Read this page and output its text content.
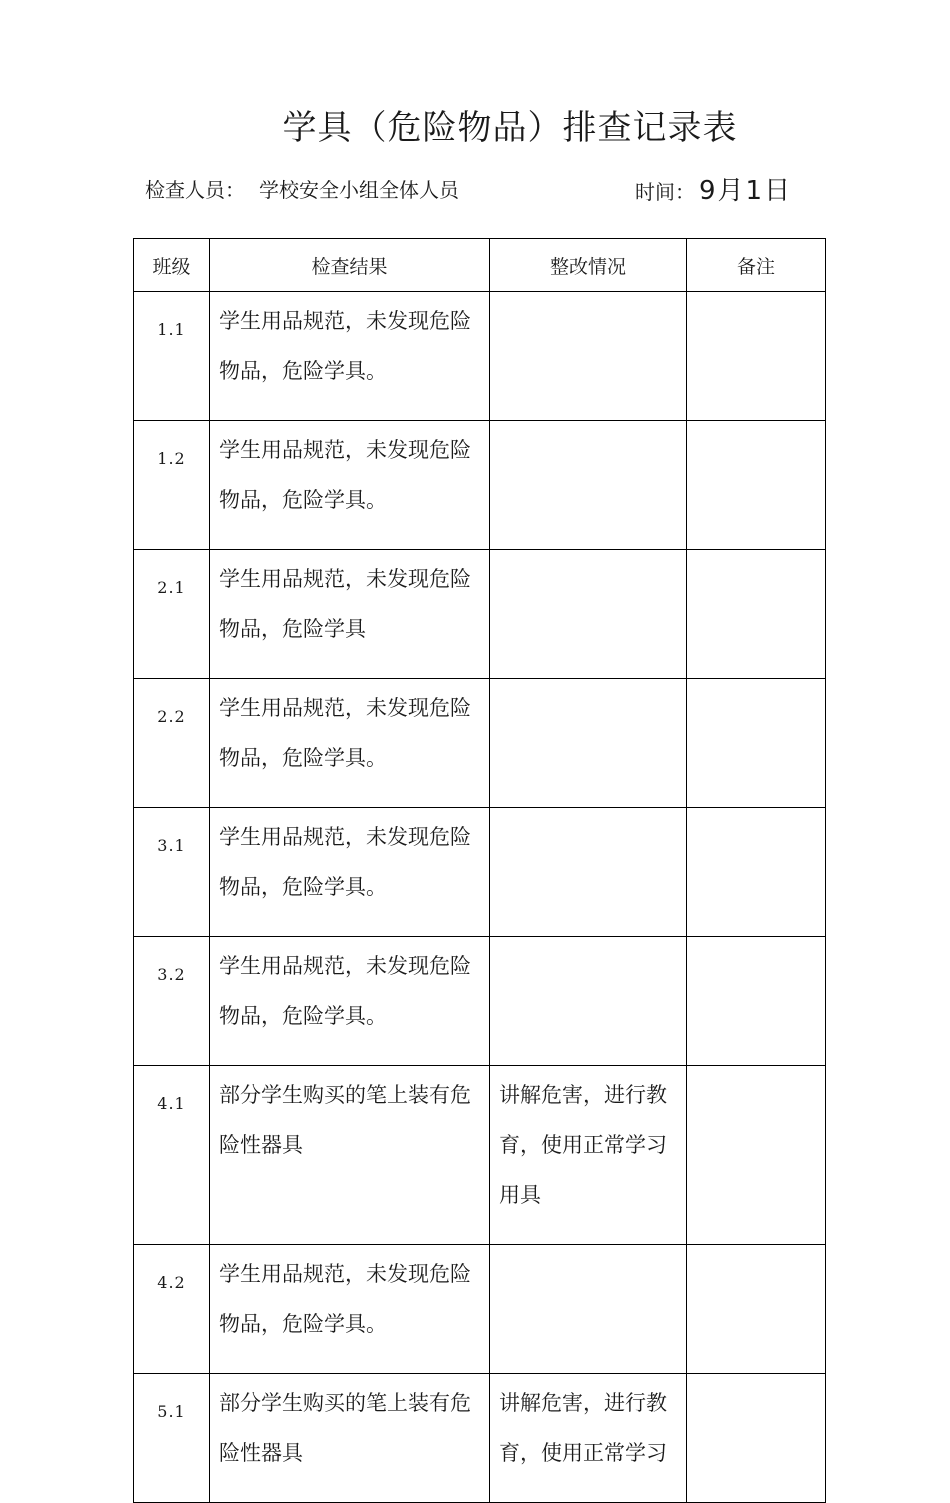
学具（危险物品）排查记录表
检查人员： 学校安全小组全体人员	时间： 9月1日
班级	检查结果	整改情况	备注
1.1	学生用品规范，未发现危险物品，危险学具。		
1.2	学生用品规范，未发现危险物品，危险学具。		
2.1	学生用品规范，未发现危险物品，危险学具		
2.2	学生用品规范，未发现危险物品，危险学具。		
3.1	学生用品规范，未发现危险物品，危险学具。		
3.2	学生用品规范，未发现危险物品，危险学具。		
4.1	部分学生购买的笔上装有危险性器具	讲解危害，进行教育，使用正常学习用具	
4.2	学生用品规范，未发现危险物品，危险学具。		
5.1	部分学生购买的笔上装有危险性器具	讲解危害，进行教育，使用正常学习	
